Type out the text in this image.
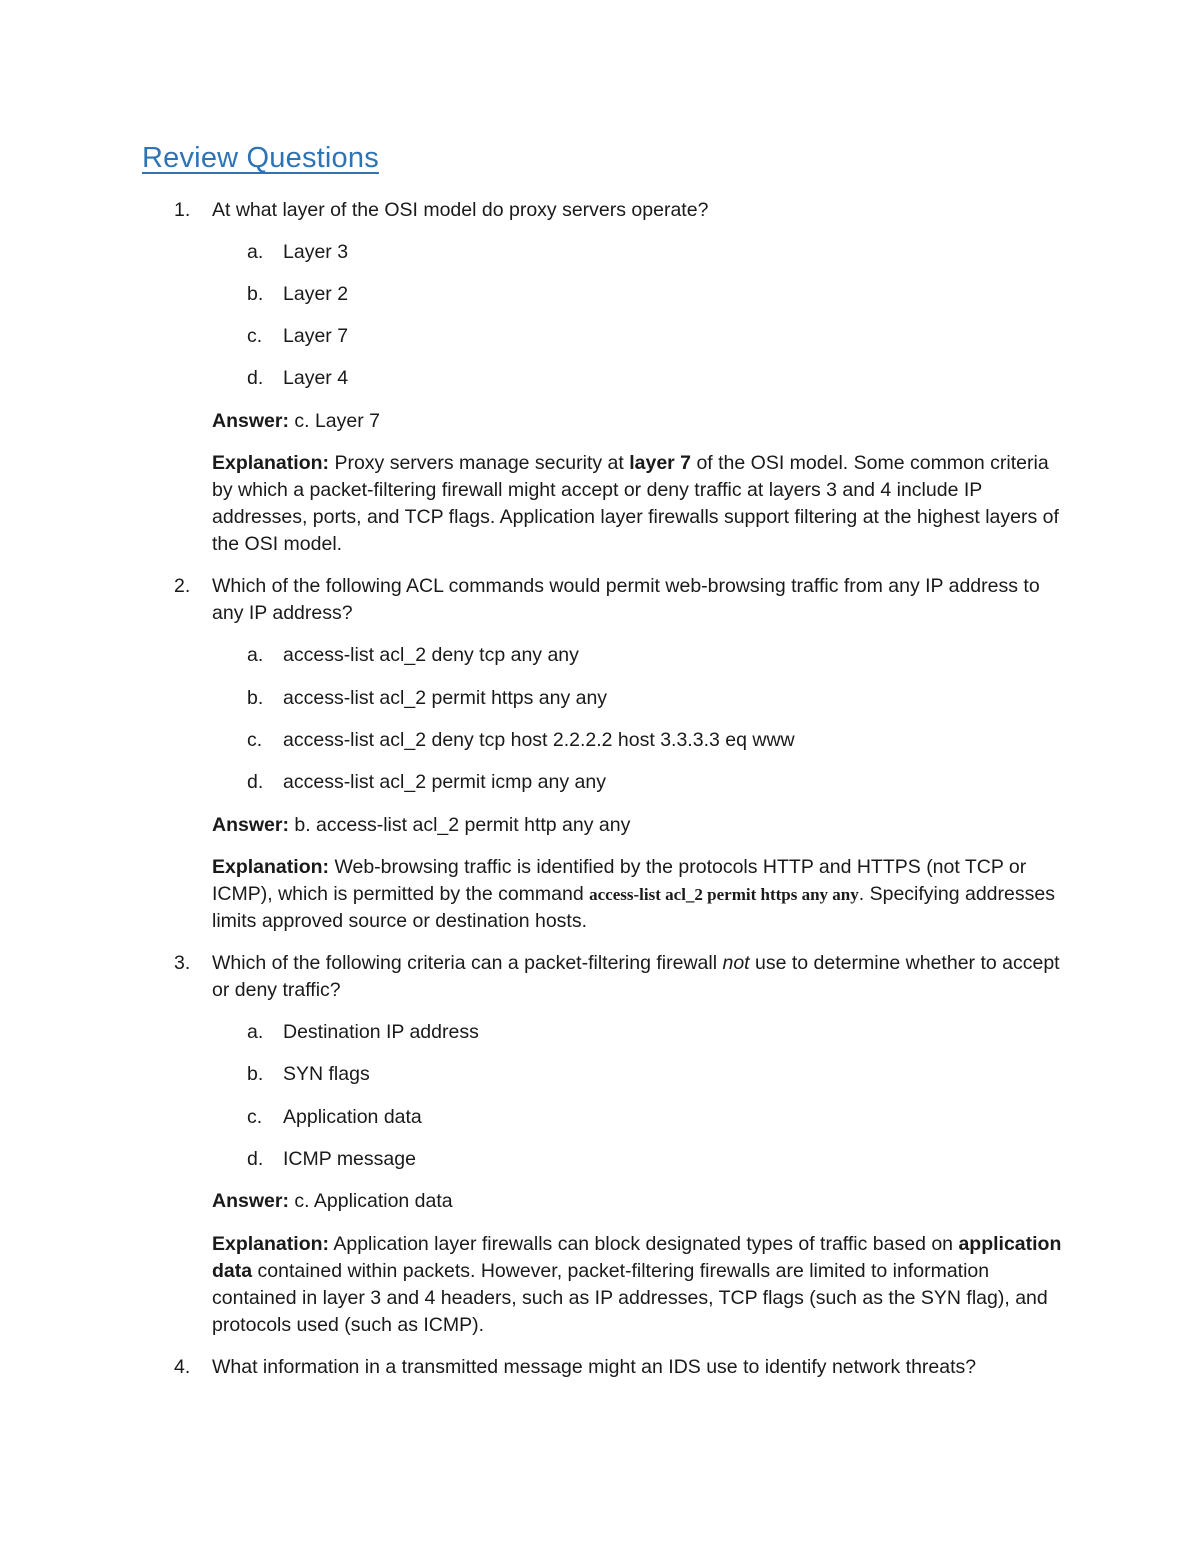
Review Questions
1. At what layer of the OSI model do proxy servers operate?
a. Layer 3
b. Layer 2
c. Layer 7
d. Layer 4
Answer: c. Layer 7
Explanation: Proxy servers manage security at layer 7 of the OSI model. Some common criteria by which a packet-filtering firewall might accept or deny traffic at layers 3 and 4 include IP addresses, ports, and TCP flags. Application layer firewalls support filtering at the highest layers of the OSI model.
2. Which of the following ACL commands would permit web-browsing traffic from any IP address to any IP address?
a. access-list acl_2 deny tcp any any
b. access-list acl_2 permit https any any
c. access-list acl_2 deny tcp host 2.2.2.2 host 3.3.3.3 eq www
d. access-list acl_2 permit icmp any any
Answer: b. access-list acl_2 permit http any any
Explanation: Web-browsing traffic is identified by the protocols HTTP and HTTPS (not TCP or ICMP), which is permitted by the command access-list acl_2 permit https any any. Specifying addresses limits approved source or destination hosts.
3. Which of the following criteria can a packet-filtering firewall not use to determine whether to accept or deny traffic?
a. Destination IP address
b. SYN flags
c. Application data
d. ICMP message
Answer: c. Application data
Explanation: Application layer firewalls can block designated types of traffic based on application data contained within packets. However, packet-filtering firewalls are limited to information contained in layer 3 and 4 headers, such as IP addresses, TCP flags (such as the SYN flag), and protocols used (such as ICMP).
4. What information in a transmitted message might an IDS use to identify network threats?
